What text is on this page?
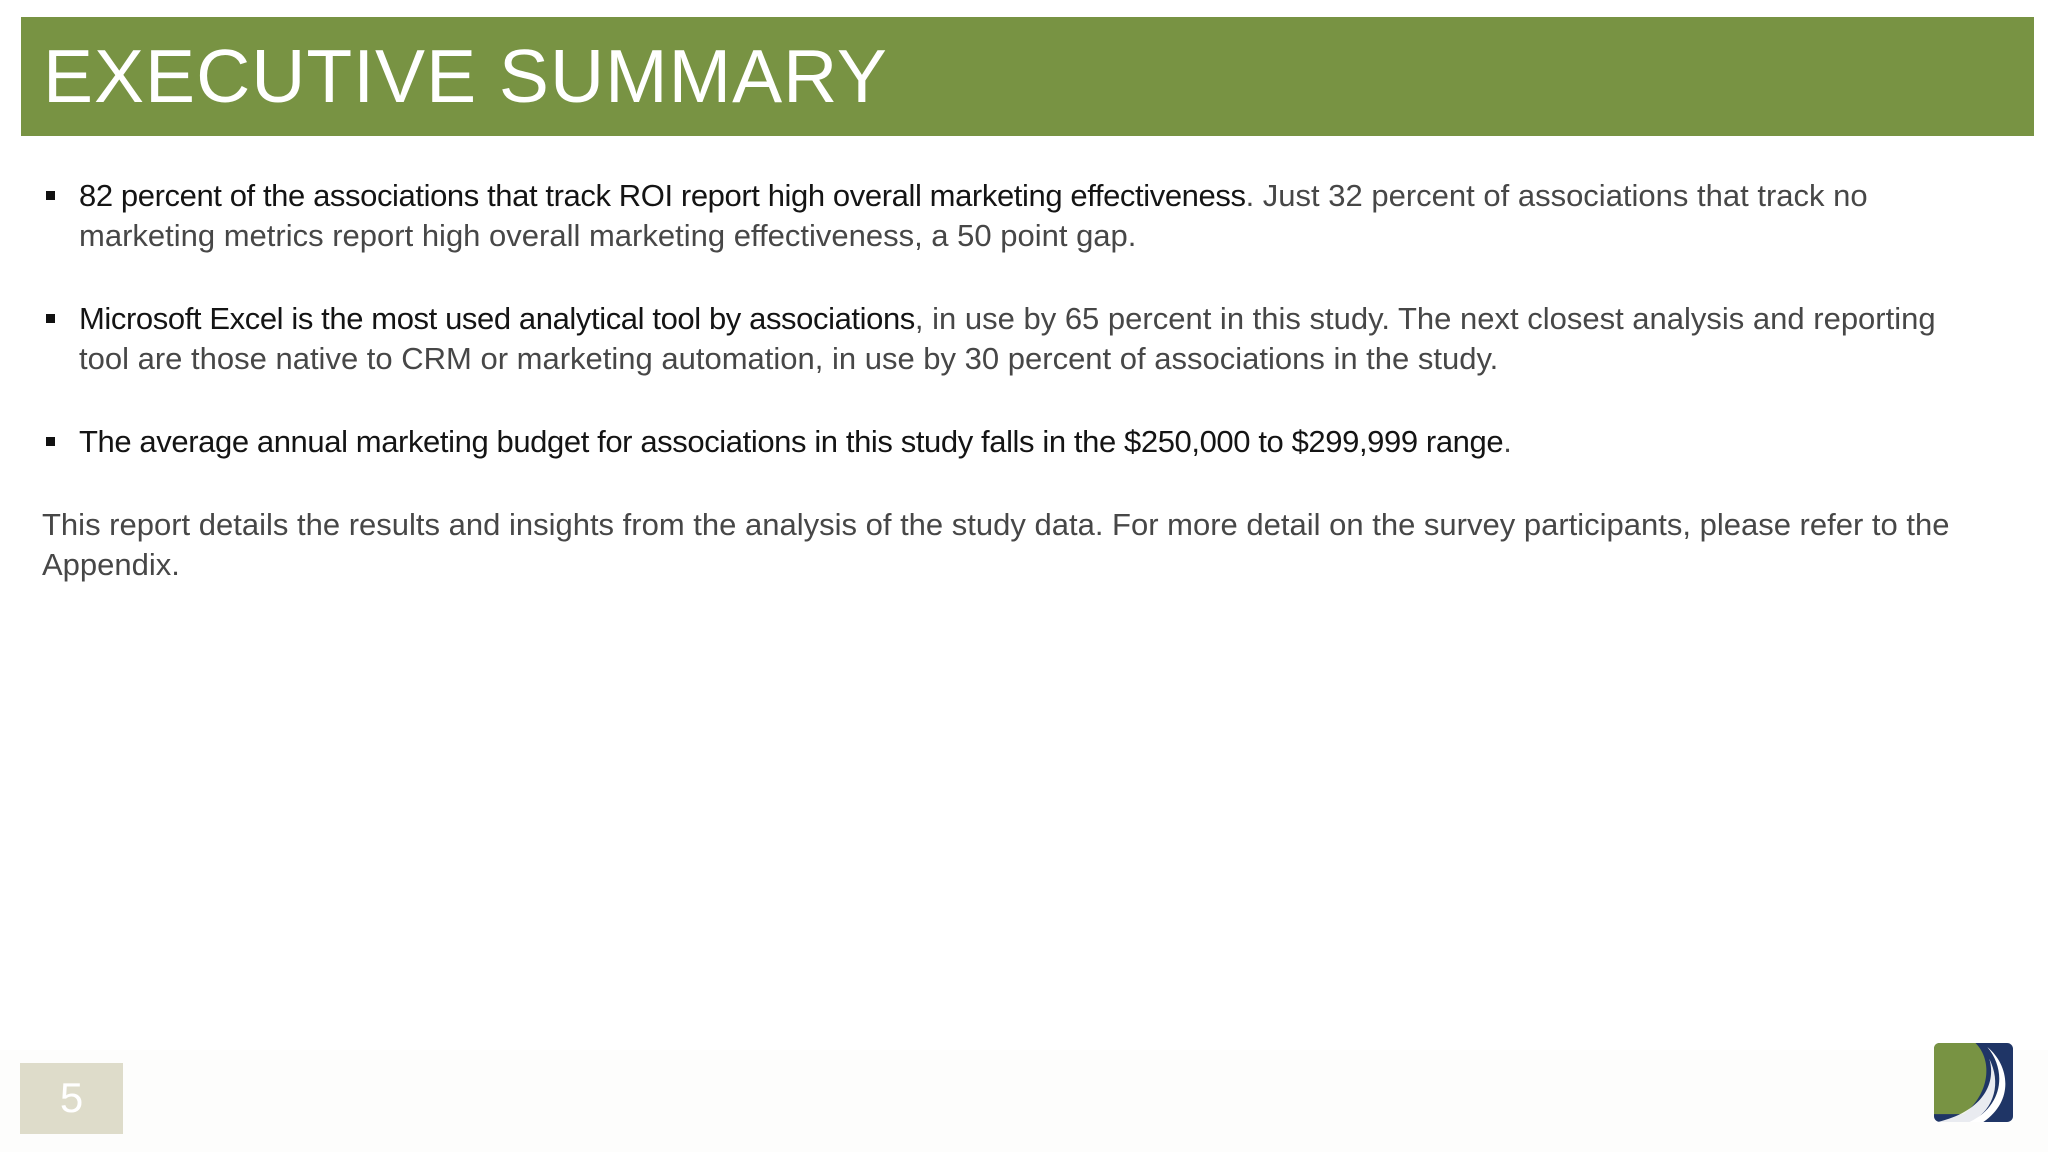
EXECUTIVE SUMMARY
82 percent of the associations that track ROI report high overall marketing effectiveness. Just 32 percent of associations that track no marketing metrics report high overall marketing effectiveness, a 50 point gap.
Microsoft Excel is the most used analytical tool by associations, in use by 65 percent in this study. The next closest analysis and reporting tool are those native to CRM or marketing automation, in use by 30 percent of associations in the study.
The average annual marketing budget for associations in this study falls in the $250,000 to $299,999 range.
This report details the results and insights from the analysis of the study data. For more detail on the survey participants, please refer to the Appendix.
5
